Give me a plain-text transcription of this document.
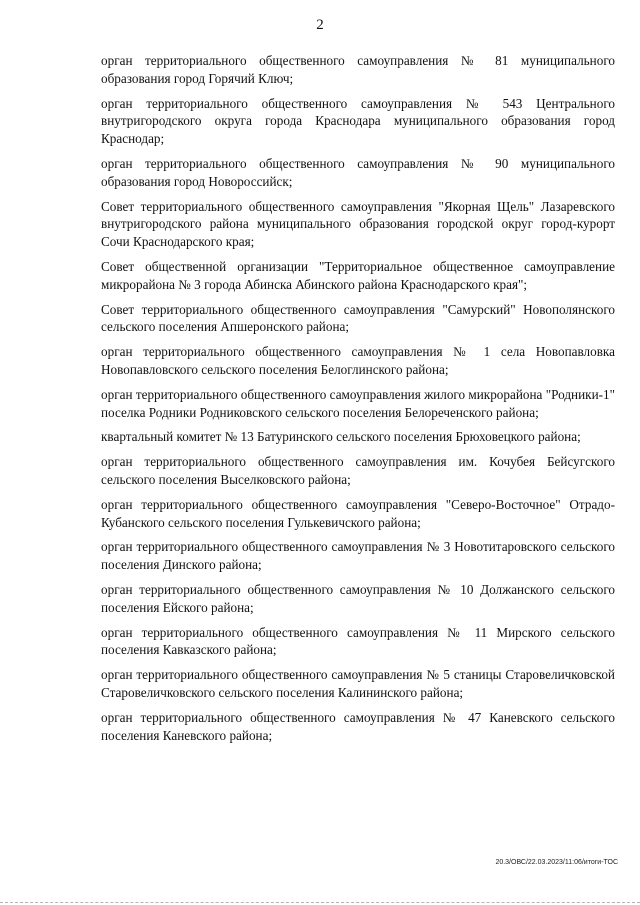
2

орган территориального общественного самоуправления № 81 муниципального образования город Горячий Ключ;

орган территориального общественного самоуправления № 543 Центрального внутригородского округа города Краснодара муниципального образования город Краснодар;

орган территориального общественного самоуправления № 90 муниципального образования город Новороссийск;

Совет территориального общественного самоуправления "Якорная Щель" Лазаревского внутригородского района муниципального образования городской округ город-курорт Сочи Краснодарского края;

Совет общественной организации "Территориальное общественное самоуправление микрорайона № 3 города Абинска Абинского района Краснодарского края";

Совет территориального общественного самоуправления "Самурский" Новополянского сельского поселения Апшеронского района;

орган территориального общественного самоуправления № 1 села Новопавловка Новопавловского сельского поселения Белоглинского района;

орган территориального общественного самоуправления жилого микрорайона "Родники-1" поселка Родники Родниковского сельского поселения Белореченского района;

квартальный комитет № 13 Батуринского сельского поселения Брюховецкого района;

орган территориального общественного самоуправления им. Кочубея Бейсугского сельского поселения Выселковского района;

орган территориального общественного самоуправления "Северо-Восточное" Отрадо-Кубанского сельского поселения Гулькевичского района;

орган территориального общественного самоуправления № 3 Новотитаровского сельского поселения Динского района;

орган территориального общественного самоуправления № 10 Должанского сельского поселения Ейского района;

орган территориального общественного самоуправления № 11 Мирского сельского поселения Кавказского района;

орган территориального общественного самоуправления № 5 станицы Старовеличковской Старовеличковского сельского поселения Калининского района;

орган территориального общественного самоуправления № 47 Каневского сельского поселения Каневского района;

20.3/ОВС/22.03.2023/11:06/итоги-ТОС
